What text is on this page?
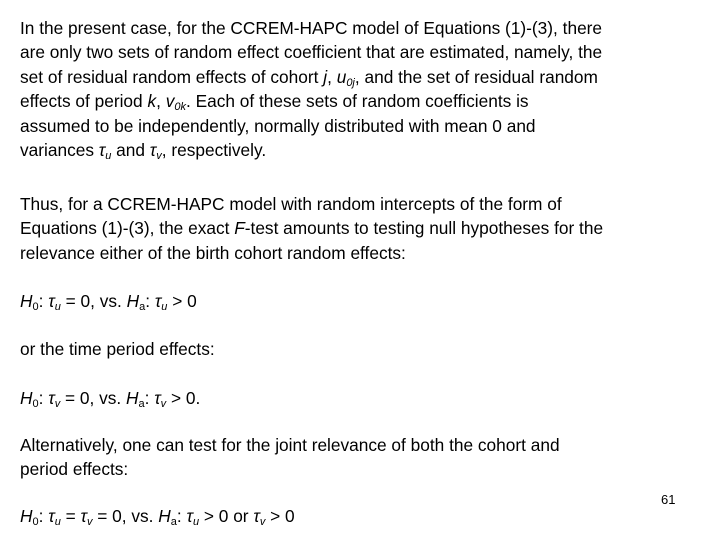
In the present case, for the CCREM-HAPC model of Equations (1)-(3), there
are only two sets of random effect coefficient that are estimated, namely, the
set of residual random effects of cohort j, $u_{0j}$, and the set of residual random
effects of period k, $v_{0k}$. Each of these sets of random coefficients is
assumed to be independently, normally distributed with mean 0 and
variances $\tau_u$ and $\tau_v$, respectively.

Thus, for a CCREM-HAPC model with random intercepts of the form of
Equations (1)-(3), the exact F-test amounts to testing null hypotheses for the
relevance either of the birth cohort random effects:

$H_0$: $\tau_u = 0$, vs. $H_a$: $\tau_u > 0$

or the time period effects:

$H_0$: $\tau_v = 0$, vs. $H_a$: $\tau_v > 0$.

Alternatively, one can test for the joint relevance of both the cohort and
period effects:

$H_0$: $\tau_u = \tau_v = 0$, vs. $H_a$: $\tau_u > 0$ or $\tau_v > 0$

61
